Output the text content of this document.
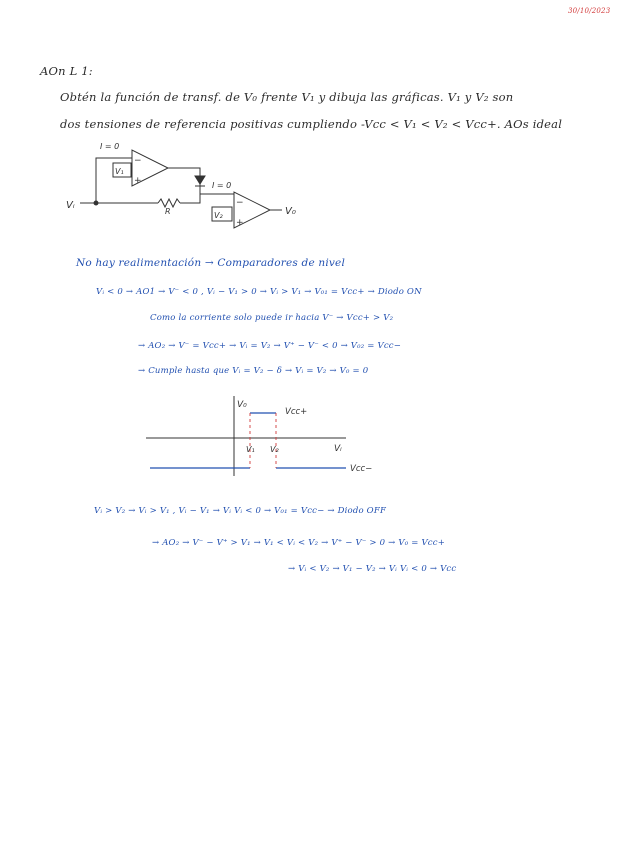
30/10/2023
AOn L 1:
Obtén la función de transf. de V₀ frente V₁ y dibuja las gráficas. V₁ y V₂ son
dos tensiones de referencia positivas cumpliendo -Vcc < V₁ < V₂ < Vcc+. AOs ideal
I = 0
I = 0
V₁
V₂
−
+
−
+
Vᵢ
R	V₀
No hay realimentación → Comparadores de nivel
Vᵢ < 0 → AO1 → V⁻ < 0 , Vᵢ − V₁ > 0 → Vᵢ > V₁ → V₀₁ = Vcc+ → Diodo ON
Como la corriente solo puede ir hacia V⁻ → Vcc+ > V₂
→ AO₂ → V⁻ = Vcc+ → Vᵢ = V₂ → V⁺ − V⁻ < 0 → V₀₂ = Vcc−
→ Cumple hasta que Vᵢ = V₂ − δ → Vᵢ = V₂ → V₀ = 0
V₀
Vᵢ
Vcc+
Vcc−
V₁ V₂
Vᵢ > V₂ → Vᵢ > V₁ , Vᵢ − V₁ → Vᵢ Vᵢ < 0 → V₀₁ = Vcc− → Diodo OFF
→ AO₂ → V⁻ − V⁺ > V₁ → V₁ < Vᵢ < V₂ → V⁺ − V⁻ > 0 → V₀ = Vcc+
→ Vᵢ < V₂ → V₁ − V₂ → Vᵢ Vᵢ < 0 → Vcc
